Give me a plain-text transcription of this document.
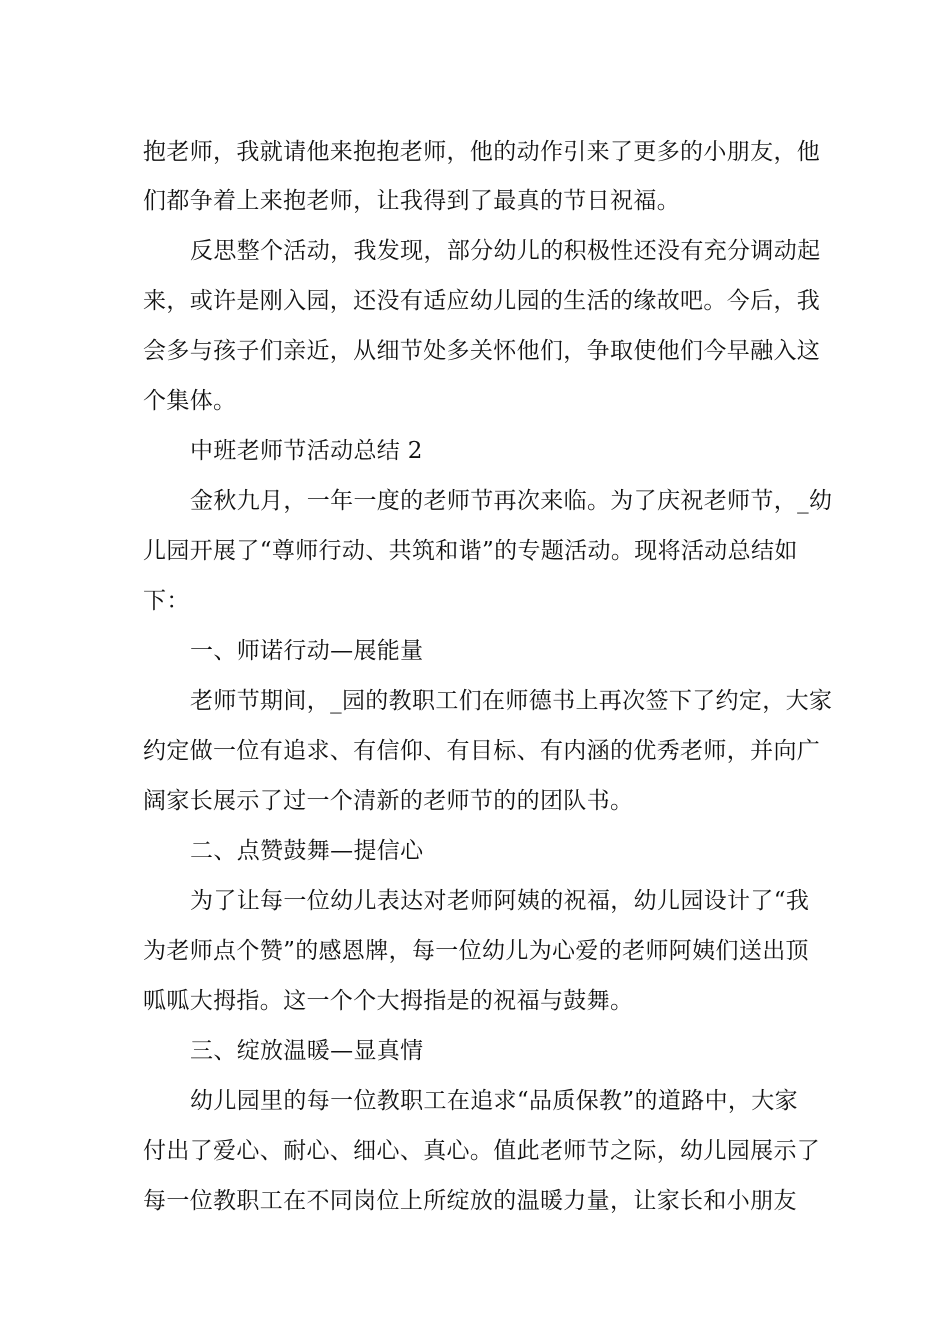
抱老师，我就请他来抱抱老师，他的动作引来了更多的小朋友，他
们都争着上来抱老师，让我得到了最真的节日祝福。
反思整个活动，我发现，部分幼儿的积极性还没有充分调动起
来，或许是刚入园，还没有适应幼儿园的生活的缘故吧。今后，我
会多与孩子们亲近，从细节处多关怀他们，争取使他们今早融入这
个集体。
中班老师节活动总结 2
金秋九月，一年一度的老师节再次来临。为了庆祝老师节，_幼
儿园开展了“尊师行动、共筑和谐”的专题活动。现将活动总结如
下：
一、师诺行动—展能量
老师节期间，_园的教职工们在师德书上再次签下了约定，大家
约定做一位有追求、有信仰、有目标、有内涵的优秀老师，并向广
阔家长展示了过一个清新的老师节的的团队书。
二、点赞鼓舞—提信心
为了让每一位幼儿表达对老师阿姨的祝福，幼儿园设计了“我
为老师点个赞”的感恩牌，每一位幼儿为心爱的老师阿姨们送出顶
呱呱大拇指。这一个个大拇指是的祝福与鼓舞。
三、绽放温暖—显真情
幼儿园里的每一位教职工在追求“品质保教”的道路中，大家
付出了爱心、耐心、细心、真心。值此老师节之际，幼儿园展示了
每一位教职工在不同岗位上所绽放的温暖力量，让家长和小朋友
